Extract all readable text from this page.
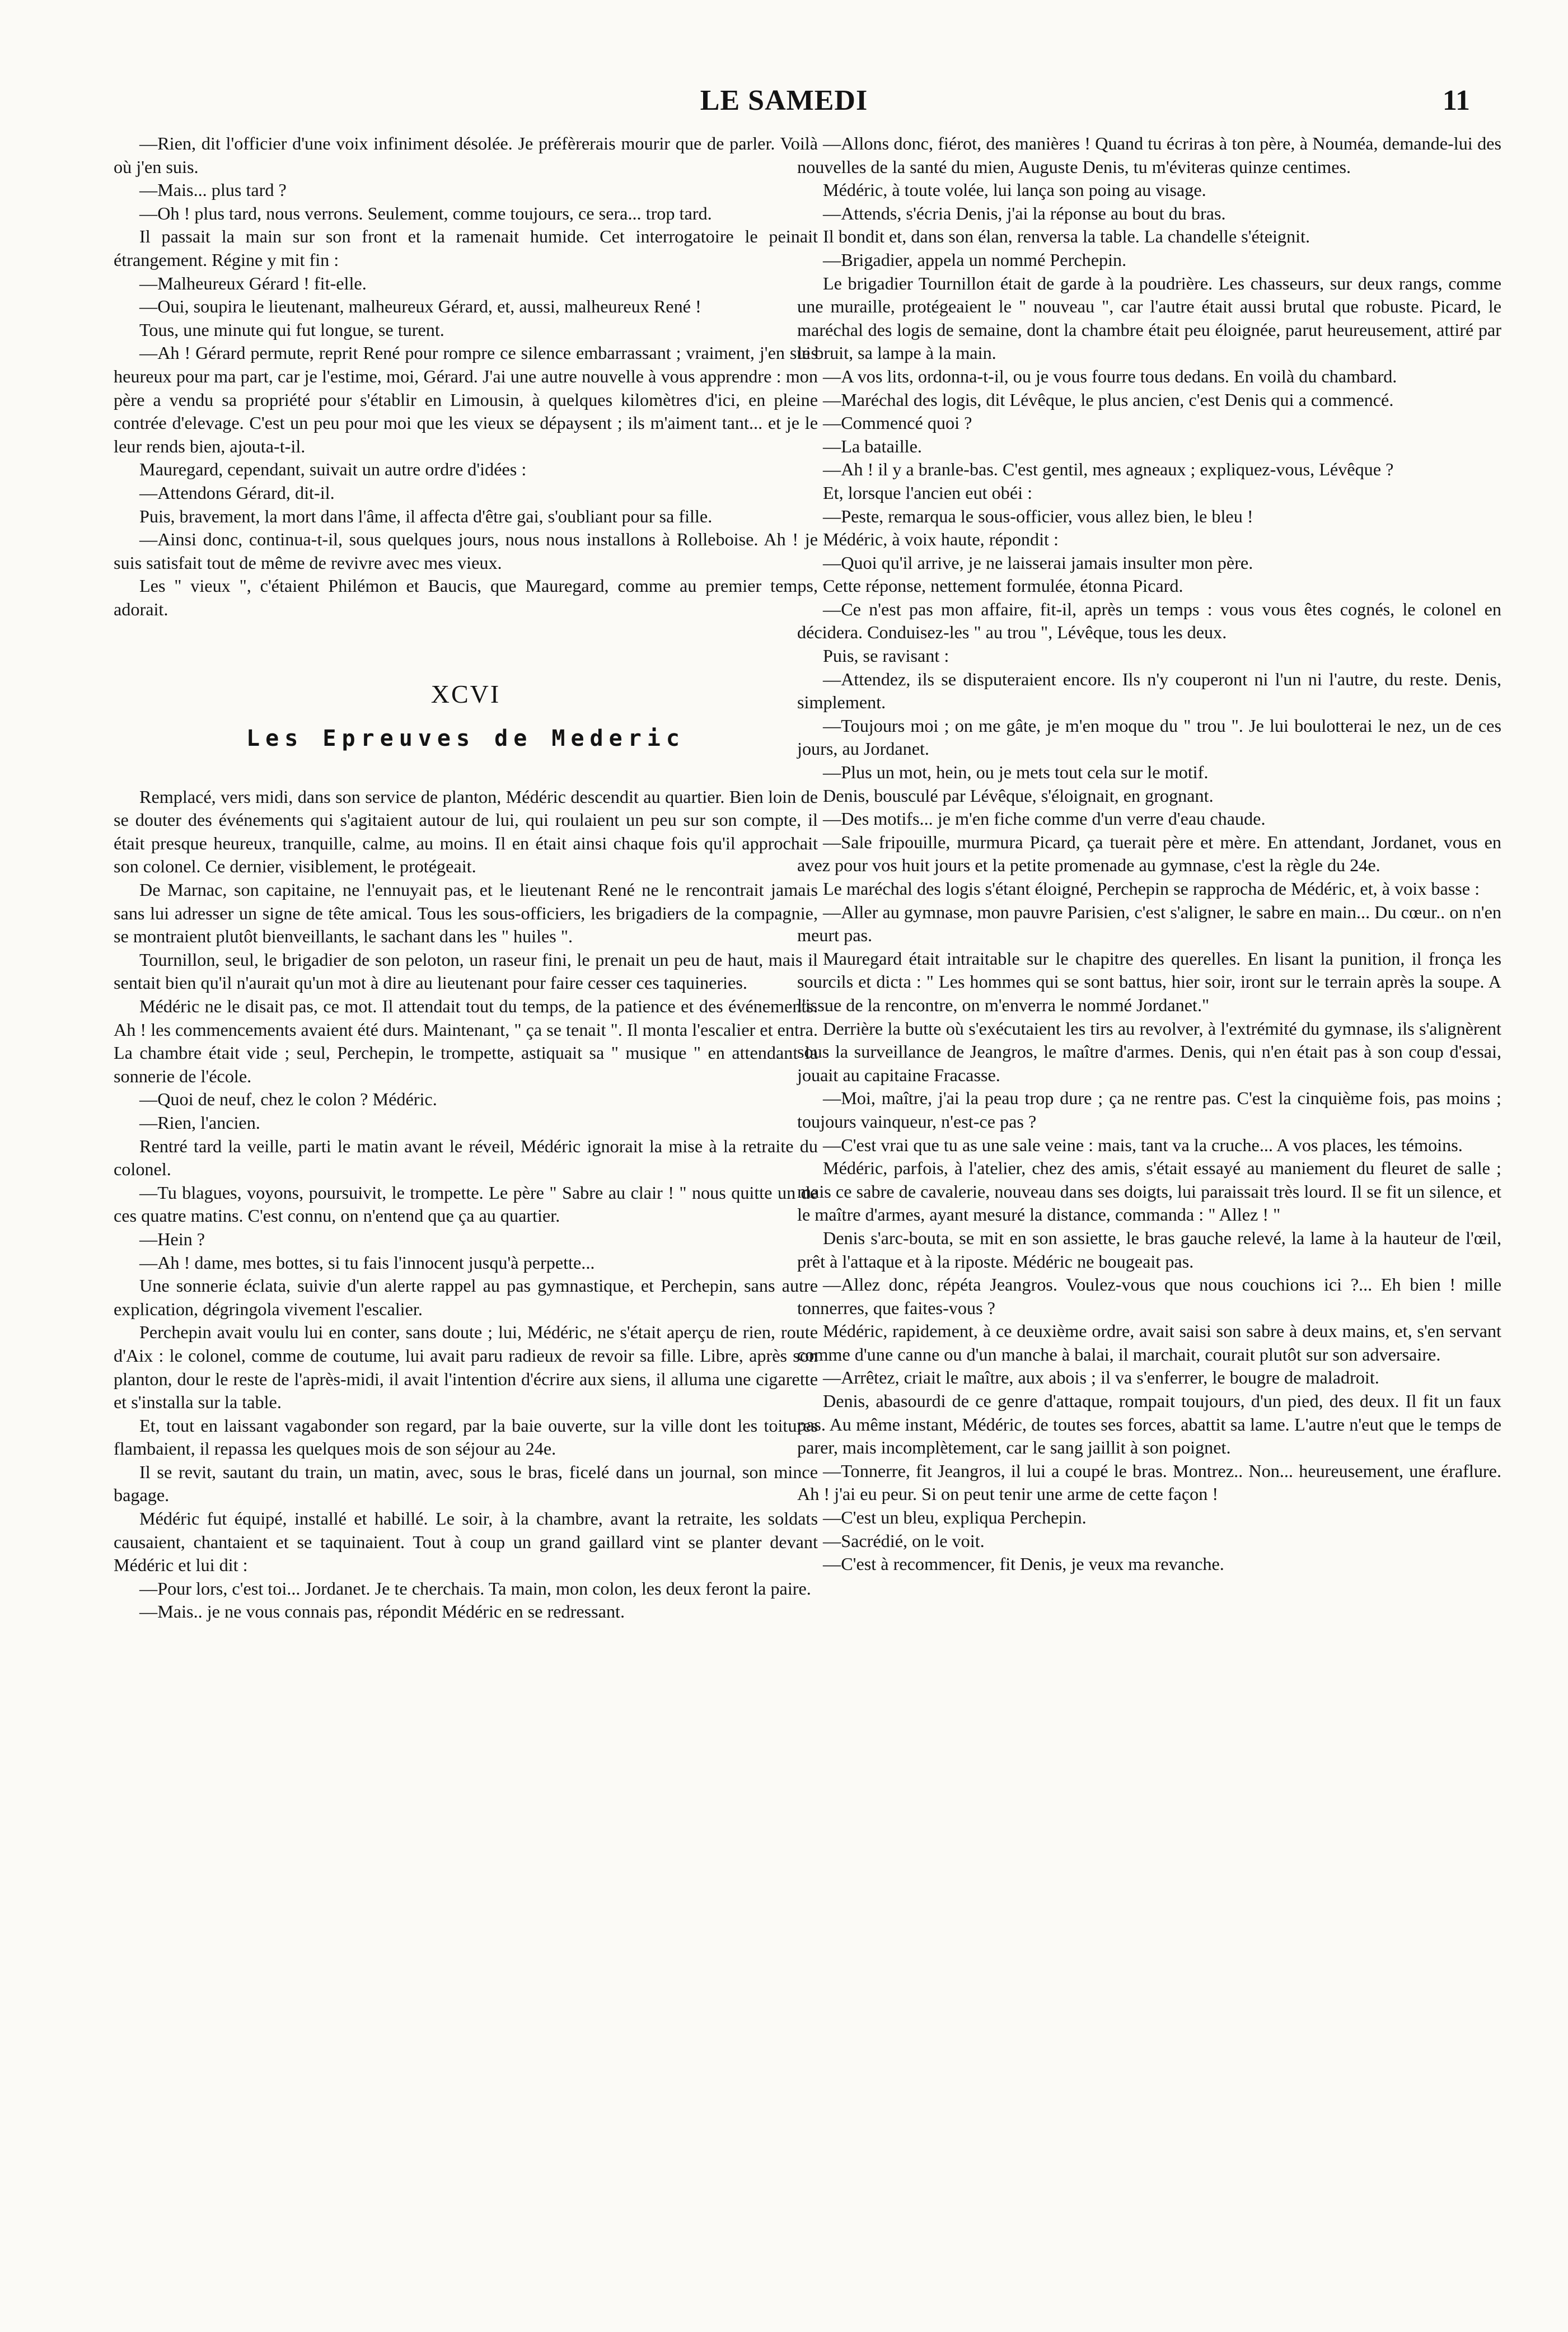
LE SAMEDI	11

—Rien, dit l'officier d'une voix infiniment désolée. Je préfèrerais mourir que de parler. Voilà où j'en suis.

—Mais... plus tard ?

—Oh ! plus tard, nous verrons. Seulement, comme toujours, ce sera... trop tard.

Il passait la main sur son front et la ramenait humide. Cet interrogatoire le peinait étrangement. Régine y mit fin :

—Malheureux Gérard ! fit-elle.

—Oui, soupira le lieutenant, malheureux Gérard, et, aussi, malheureux René !

Tous, une minute qui fut longue, se turent.

—Ah ! Gérard permute, reprit René pour rompre ce silence embarrassant ; vraiment, j'en suis heureux pour ma part, car je l'estime, moi, Gérard. J'ai une autre nouvelle à vous apprendre : mon père a vendu sa propriété pour s'établir en Limousin, à quelques kilomètres d'ici, en pleine contrée d'elevage. C'est un peu pour moi que les vieux se dépaysent ; ils m'aiment tant... et je le leur rends bien, ajouta-t-il.

Mauregard, cependant, suivait un autre ordre d'idées :

—Attendons Gérard, dit-il.

Puis, bravement, la mort dans l'âme, il affecta d'être gai, s'oubliant pour sa fille.

—Ainsi donc, continua-t-il, sous quelques jours, nous nous installons à Rolleboise. Ah ! je suis satisfait tout de même de revivre avec mes vieux.

Les " vieux ", c'étaient Philémon et Baucis, que Mauregard, comme au premier temps, adorait.

XCVI
Les Epreuves de Mederic

Remplacé, vers midi, dans son service de planton, Médéric descendit au quartier. Bien loin de se douter des événements qui s'agitaient autour de lui, qui roulaient un peu sur son compte, il était presque heureux, tranquille, calme, au moins. Il en était ainsi chaque fois qu'il approchait son colonel. Ce dernier, visiblement, le protégeait.

De Marnac, son capitaine, ne l'ennuyait pas, et le lieutenant René ne le rencontrait jamais sans lui adresser un signe de tête amical. Tous les sous-officiers, les brigadiers de la compagnie, se montraient plutôt bienveillants, le sachant dans les " huiles ".

Tournillon, seul, le brigadier de son peloton, un raseur fini, le prenait un peu de haut, mais il sentait bien qu'il n'aurait qu'un mot à dire au lieutenant pour faire cesser ces taquineries.

Médéric ne le disait pas, ce mot. Il attendait tout du temps, de la patience et des événements. Ah ! les commencements avaient été durs. Maintenant, " ça se tenait ". Il monta l'escalier et entra. La chambre était vide ; seul, Perchepin, le trompette, astiquait sa " musique " en attendant la sonnerie de l'école.

—Quoi de neuf, chez le colon ? Médéric.

—Rien, l'ancien.

Rentré tard la veille, parti le matin avant le réveil, Médéric ignorait la mise à la retraite du colonel.

—Tu blagues, voyons, poursuivit, le trompette. Le père " Sabre au clair ! " nous quitte un de ces quatre matins. C'est connu, on n'entend que ça au quartier.

—Hein ?

—Ah ! dame, mes bottes, si tu fais l'innocent jusqu'à perpette...

Une sonnerie éclata, suivie d'un alerte rappel au pas gymnastique, et Perchepin, sans autre explication, dégringola vivement l'escalier.

Perchepin avait voulu lui en conter, sans doute ; lui, Médéric, ne s'était aperçu de rien, route d'Aix : le colonel, comme de coutume, lui avait paru radieux de revoir sa fille. Libre, après son planton, dour le reste de l'après-midi, il avait l'intention d'écrire aux siens, il alluma une cigarette et s'installa sur la table.

Et, tout en laissant vagabonder son regard, par la baie ouverte, sur la ville dont les toitures flambaient, il repassa les quelques mois de son séjour au 24e.

Il se revit, sautant du train, un matin, avec, sous le bras, ficelé dans un journal, son mince bagage.

Médéric fut équipé, installé et habillé. Le soir, à la chambre, avant la retraite, les soldats causaient, chantaient et se taquinaient. Tout à coup un grand gaillard vint se planter devant Médéric et lui dit :

—Pour lors, c'est toi... Jordanet. Je te cherchais. Ta main, mon colon, les deux feront la paire.

—Mais.. je ne vous connais pas, répondit Médéric en se redressant.

—Allons donc, fiérot, des manières ! Quand tu écriras à ton père, à Nouméa, demande-lui des nouvelles de la santé du mien, Auguste Denis, tu m'éviteras quinze centimes.

Médéric, à toute volée, lui lança son poing au visage.

—Attends, s'écria Denis, j'ai la réponse au bout du bras.

Il bondit et, dans son élan, renversa la table. La chandelle s'éteignit.

—Brigadier, appela un nommé Perchepin.

Le brigadier Tournillon était de garde à la poudrière. Les chasseurs, sur deux rangs, comme une muraille, protégeaient le " nouveau ", car l'autre était aussi brutal que robuste. Picard, le maréchal des logis de semaine, dont la chambre était peu éloignée, parut heureusement, attiré par le bruit, sa lampe à la main.

—A vos lits, ordonna-t-il, ou je vous fourre tous dedans. En voilà du chambard.

—Maréchal des logis, dit Lévêque, le plus ancien, c'est Denis qui a commencé.

—Commencé quoi ?

—La bataille.

—Ah ! il y a branle-bas. C'est gentil, mes agneaux ; expliquez-vous, Lévêque ?

Et, lorsque l'ancien eut obéi :

—Peste, remarqua le sous-officier, vous allez bien, le bleu !

Médéric, à voix haute, répondit :

—Quoi qu'il arrive, je ne laisserai jamais insulter mon père.

Cette réponse, nettement formulée, étonna Picard.

—Ce n'est pas mon affaire, fit-il, après un temps : vous vous êtes cognés, le colonel en décidera. Conduisez-les " au trou ", Lévêque, tous les deux.

Puis, se ravisant :

—Attendez, ils se disputeraient encore. Ils n'y couperont ni l'un ni l'autre, du reste. Denis, simplement.

—Toujours moi ; on me gâte, je m'en moque du " trou ". Je lui boulotterai le nez, un de ces jours, au Jordanet.

—Plus un mot, hein, ou je mets tout cela sur le motif.

Denis, bousculé par Lévêque, s'éloignait, en grognant.

—Des motifs... je m'en fiche comme d'un verre d'eau chaude.

—Sale fripouille, murmura Picard, ça tuerait père et mère. En attendant, Jordanet, vous en avez pour vos huit jours et la petite promenade au gymnase, c'est la règle du 24e.

Le maréchal des logis s'étant éloigné, Perchepin se rapprocha de Médéric, et, à voix basse :

—Aller au gymnase, mon pauvre Parisien, c'est s'aligner, le sabre en main... Du cœur.. on n'en meurt pas.

Mauregard était intraitable sur le chapitre des querelles. En lisant la punition, il fronça les sourcils et dicta : " Les hommes qui se sont battus, hier soir, iront sur le terrain après la soupe. A l'issue de la rencontre, on m'enverra le nommé Jordanet."

Derrière la butte où s'exécutaient les tirs au revolver, à l'extrémité du gymnase, ils s'alignèrent sous la surveillance de Jeangros, le maître d'armes. Denis, qui n'en était pas à son coup d'essai, jouait au capitaine Fracasse.

—Moi, maître, j'ai la peau trop dure ; ça ne rentre pas. C'est la cinquième fois, pas moins ; toujours vainqueur, n'est-ce pas ?

—C'est vrai que tu as une sale veine : mais, tant va la cruche... A vos places, les témoins.

Médéric, parfois, à l'atelier, chez des amis, s'était essayé au maniement du fleuret de salle ; mais ce sabre de cavalerie, nouveau dans ses doigts, lui paraissait très lourd. Il se fit un silence, et le maître d'armes, ayant mesuré la distance, commanda : " Allez ! "

Denis s'arc-bouta, se mit en son assiette, le bras gauche relevé, la lame à la hauteur de l'œil, prêt à l'attaque et à la riposte. Médéric ne bougeait pas.

—Allez donc, répéta Jeangros. Voulez-vous que nous couchions ici ?... Eh bien ! mille tonnerres, que faites-vous ?

Médéric, rapidement, à ce deuxième ordre, avait saisi son sabre à deux mains, et, s'en servant comme d'une canne ou d'un manche à balai, il marchait, courait plutôt sur son adversaire.

—Arrêtez, criait le maître, aux abois ; il va s'enferrer, le bougre de maladroit.

Denis, abasourdi de ce genre d'attaque, rompait toujours, d'un pied, des deux. Il fit un faux pas. Au même instant, Médéric, de toutes ses forces, abattit sa lame. L'autre n'eut que le temps de parer, mais incomplètement, car le sang jaillit à son poignet.

—Tonnerre, fit Jeangros, il lui a coupé le bras. Montrez.. Non... heureusement, une éraflure. Ah ! j'ai eu peur. Si on peut tenir une arme de cette façon !

—C'est un bleu, expliqua Perchepin.

—Sacrédié, on le voit.

—C'est à recommencer, fit Denis, je veux ma revanche.
